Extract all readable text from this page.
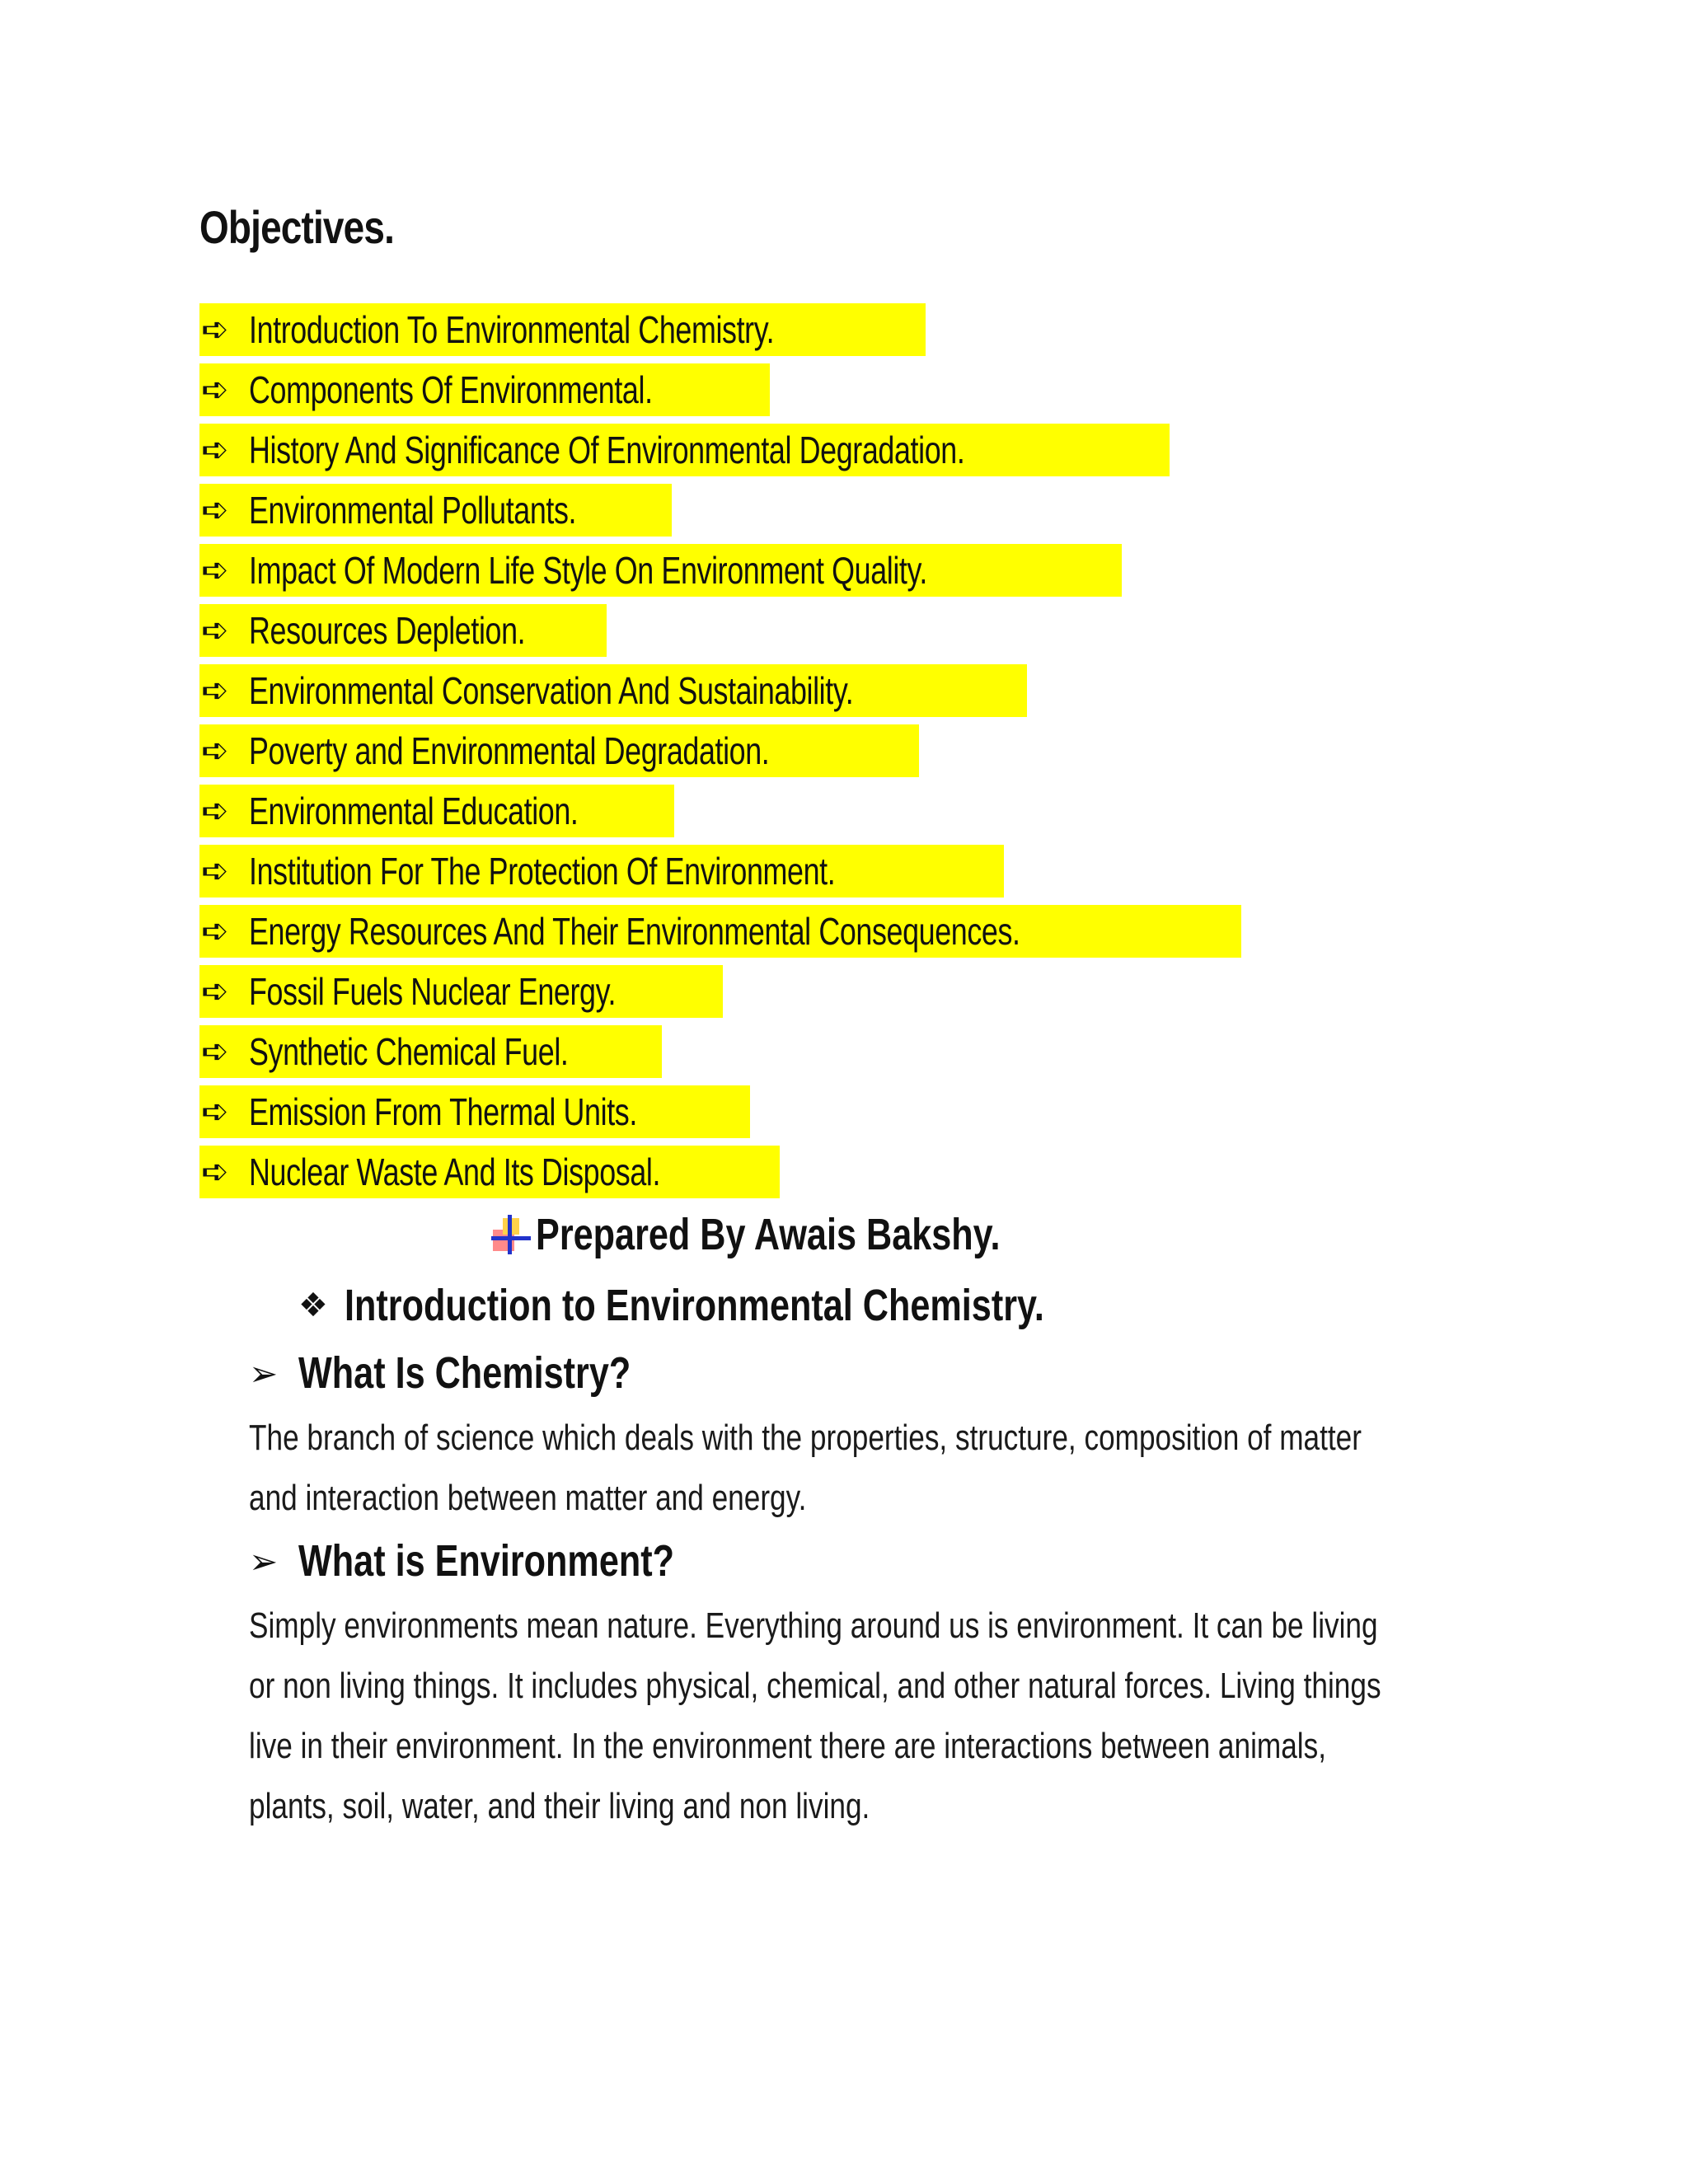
Objectives.
➪ Introduction To Environmental Chemistry.
➪ Components Of Environmental.
➪ History And Significance Of Environmental Degradation.
➪ Environmental Pollutants.
➪ Impact Of Modern Life Style On Environment Quality.
➪ Resources Depletion.
➪ Environmental Conservation And Sustainability.
➪ Poverty and Environmental Degradation.
➪ Environmental Education.
➪ Institution For The Protection Of Environment.
➪ Energy Resources And Their Environmental Consequences.
➪ Fossil Fuels Nuclear Energy.
➪ Synthetic Chemical Fuel.
➪ Emission From Thermal Units.
➪ Nuclear Waste And Its Disposal.
Prepared By Awais Bakshy.
❖ Introduction to Environmental Chemistry.
➢ What Is Chemistry?

The branch of science which deals with the properties, structure, composition of matter
and interaction between matter and energy.

➢ What is Environment?

Simply environments mean nature. Everything around us is environment. It can be living
or non living things. It includes physical, chemical, and other natural forces. Living things
live in their environment. In the environment there are interactions between animals,
plants, soil, water, and their living and non living.
